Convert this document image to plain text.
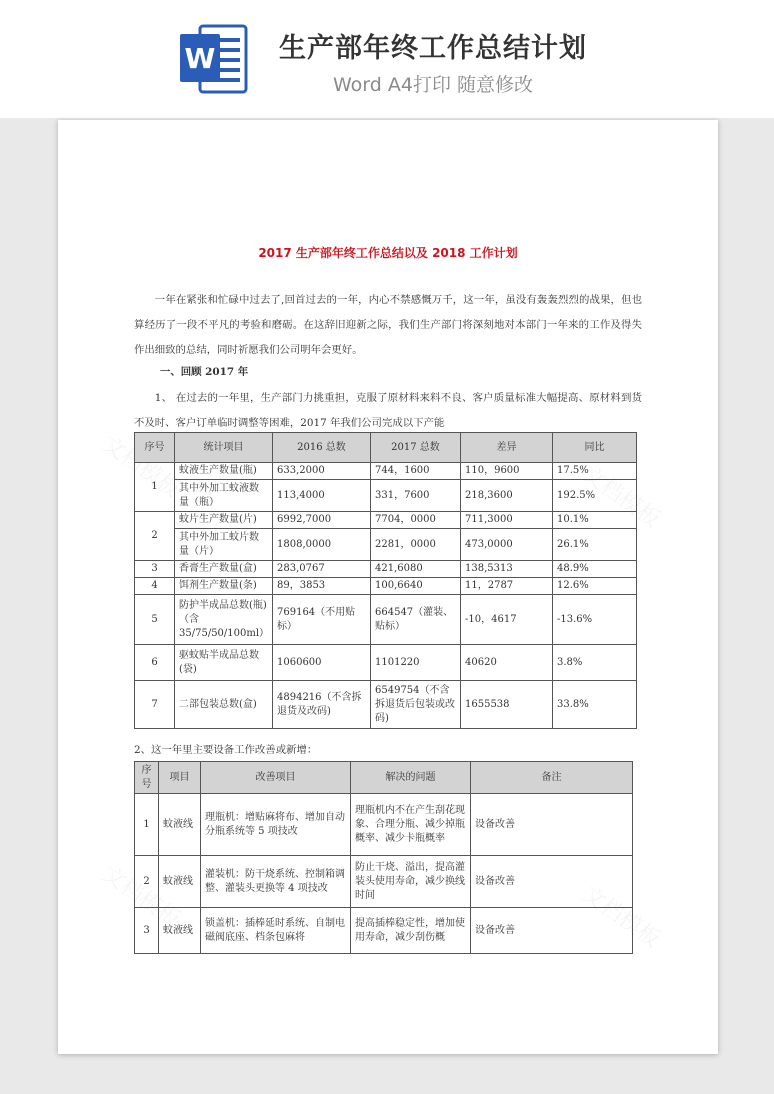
W	生产部年终工作总结计划
Word A4打印 随意修改
2017 生产部年终工作总结以及 2018 工作计划
一年在紧张和忙碌中过去了,回首过去的一年，内心不禁感慨万千，这一年，虽没有轰轰烈烈的战果，但也算经历了一段不平凡的考验和磨砺。在这辞旧迎新之际，我们生产部门将深刻地对本部门一年来的工作及得失作出细致的总结，同时祈愿我们公司明年会更好。
一、回顾 2017 年
1、 在过去的一年里，生产部门力挑重担，克服了原材料来料不良、客户质量标准大幅提高、原材料到货不及时、客户订单临时调整等困难，2017 年我们公司完成以下产能
序号	统计项目	2016 总数	2017 总数	差异	同比
1	蚊液生产数量(瓶)	633,2000	744，1600	110，9600	17.5%
	其中外加工蚊液数量（瓶）	113,4000	331，7600	218,3600	192.5%
2	蚊片生产数量(片)	6992,7000	7704，0000	711,3000	10.1%
	其中外加工蚊片数量（片）	1808,0000	2281，0000	473,0000	26.1%
3	香膏生产数量(盒)	283,0767	421,6080	138,5313	48.9%
4	饵剂生产数量(条)	89，3853	100,6640	11，2787	12.6%
5	防护半成品总数(瓶)（含35/75/50/100ml）	769164（不用贴标）	664547（灌装、贴标）	-10，4617	-13.6%
6	驱蚊贴半成品总数(袋)	1060600	1101220	40620	3.8%
7	二部包装总数(盒)	4894216（不含拆退货及改码)	6549754（不含拆退货后包装或改码)	1655538	33.8%
2、这一年里主要设备工作改善或新增：
序号	项目	改善项目	解决的问题	备注
1	蚊液线	理瓶机：增贴麻将布、增加自动分瓶系统等 5 项技改	理瓶机内不在产生刮花现象、合理分瓶、减少掉瓶概率、减少卡瓶概率	设备改善
2	蚊液线	灌装机：防干烧系统、控制箱调整、灌装头更换等 4 项技改	防止干烧、溢出，提高灌装头使用寿命，减少换线时间	设备改善
3	蚊液线	锁盖机：插棒延时系统、自制电磁阀底座、档条包麻将	提高插棒稳定性，增加使用寿命，减少刮伤概	设备改善
